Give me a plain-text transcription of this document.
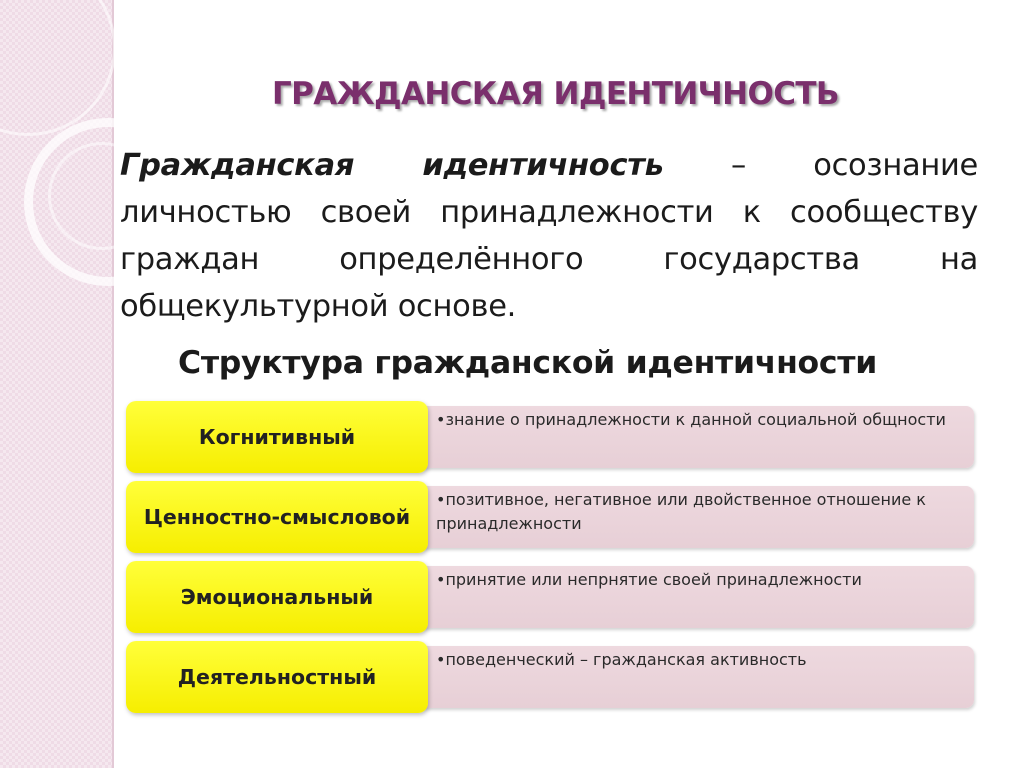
ГРАЖДАНСКАЯ ИДЕНТИЧНОСТЬ
Гражданская идентичность – осознание личностью своей принадлежности к сообществу граждан определённого государства на общекультурной основе.
Структура гражданской идентичности
•знание о принадлежности к данной социальной общности
Когнитивный
•позитивное, негативное или двойственное отношение к принадлежности
Ценностно-смысловой
•принятие или непрнятие своей принадлежности
Эмоциональный
•поведенческий – гражданская активность
Деятельностный
